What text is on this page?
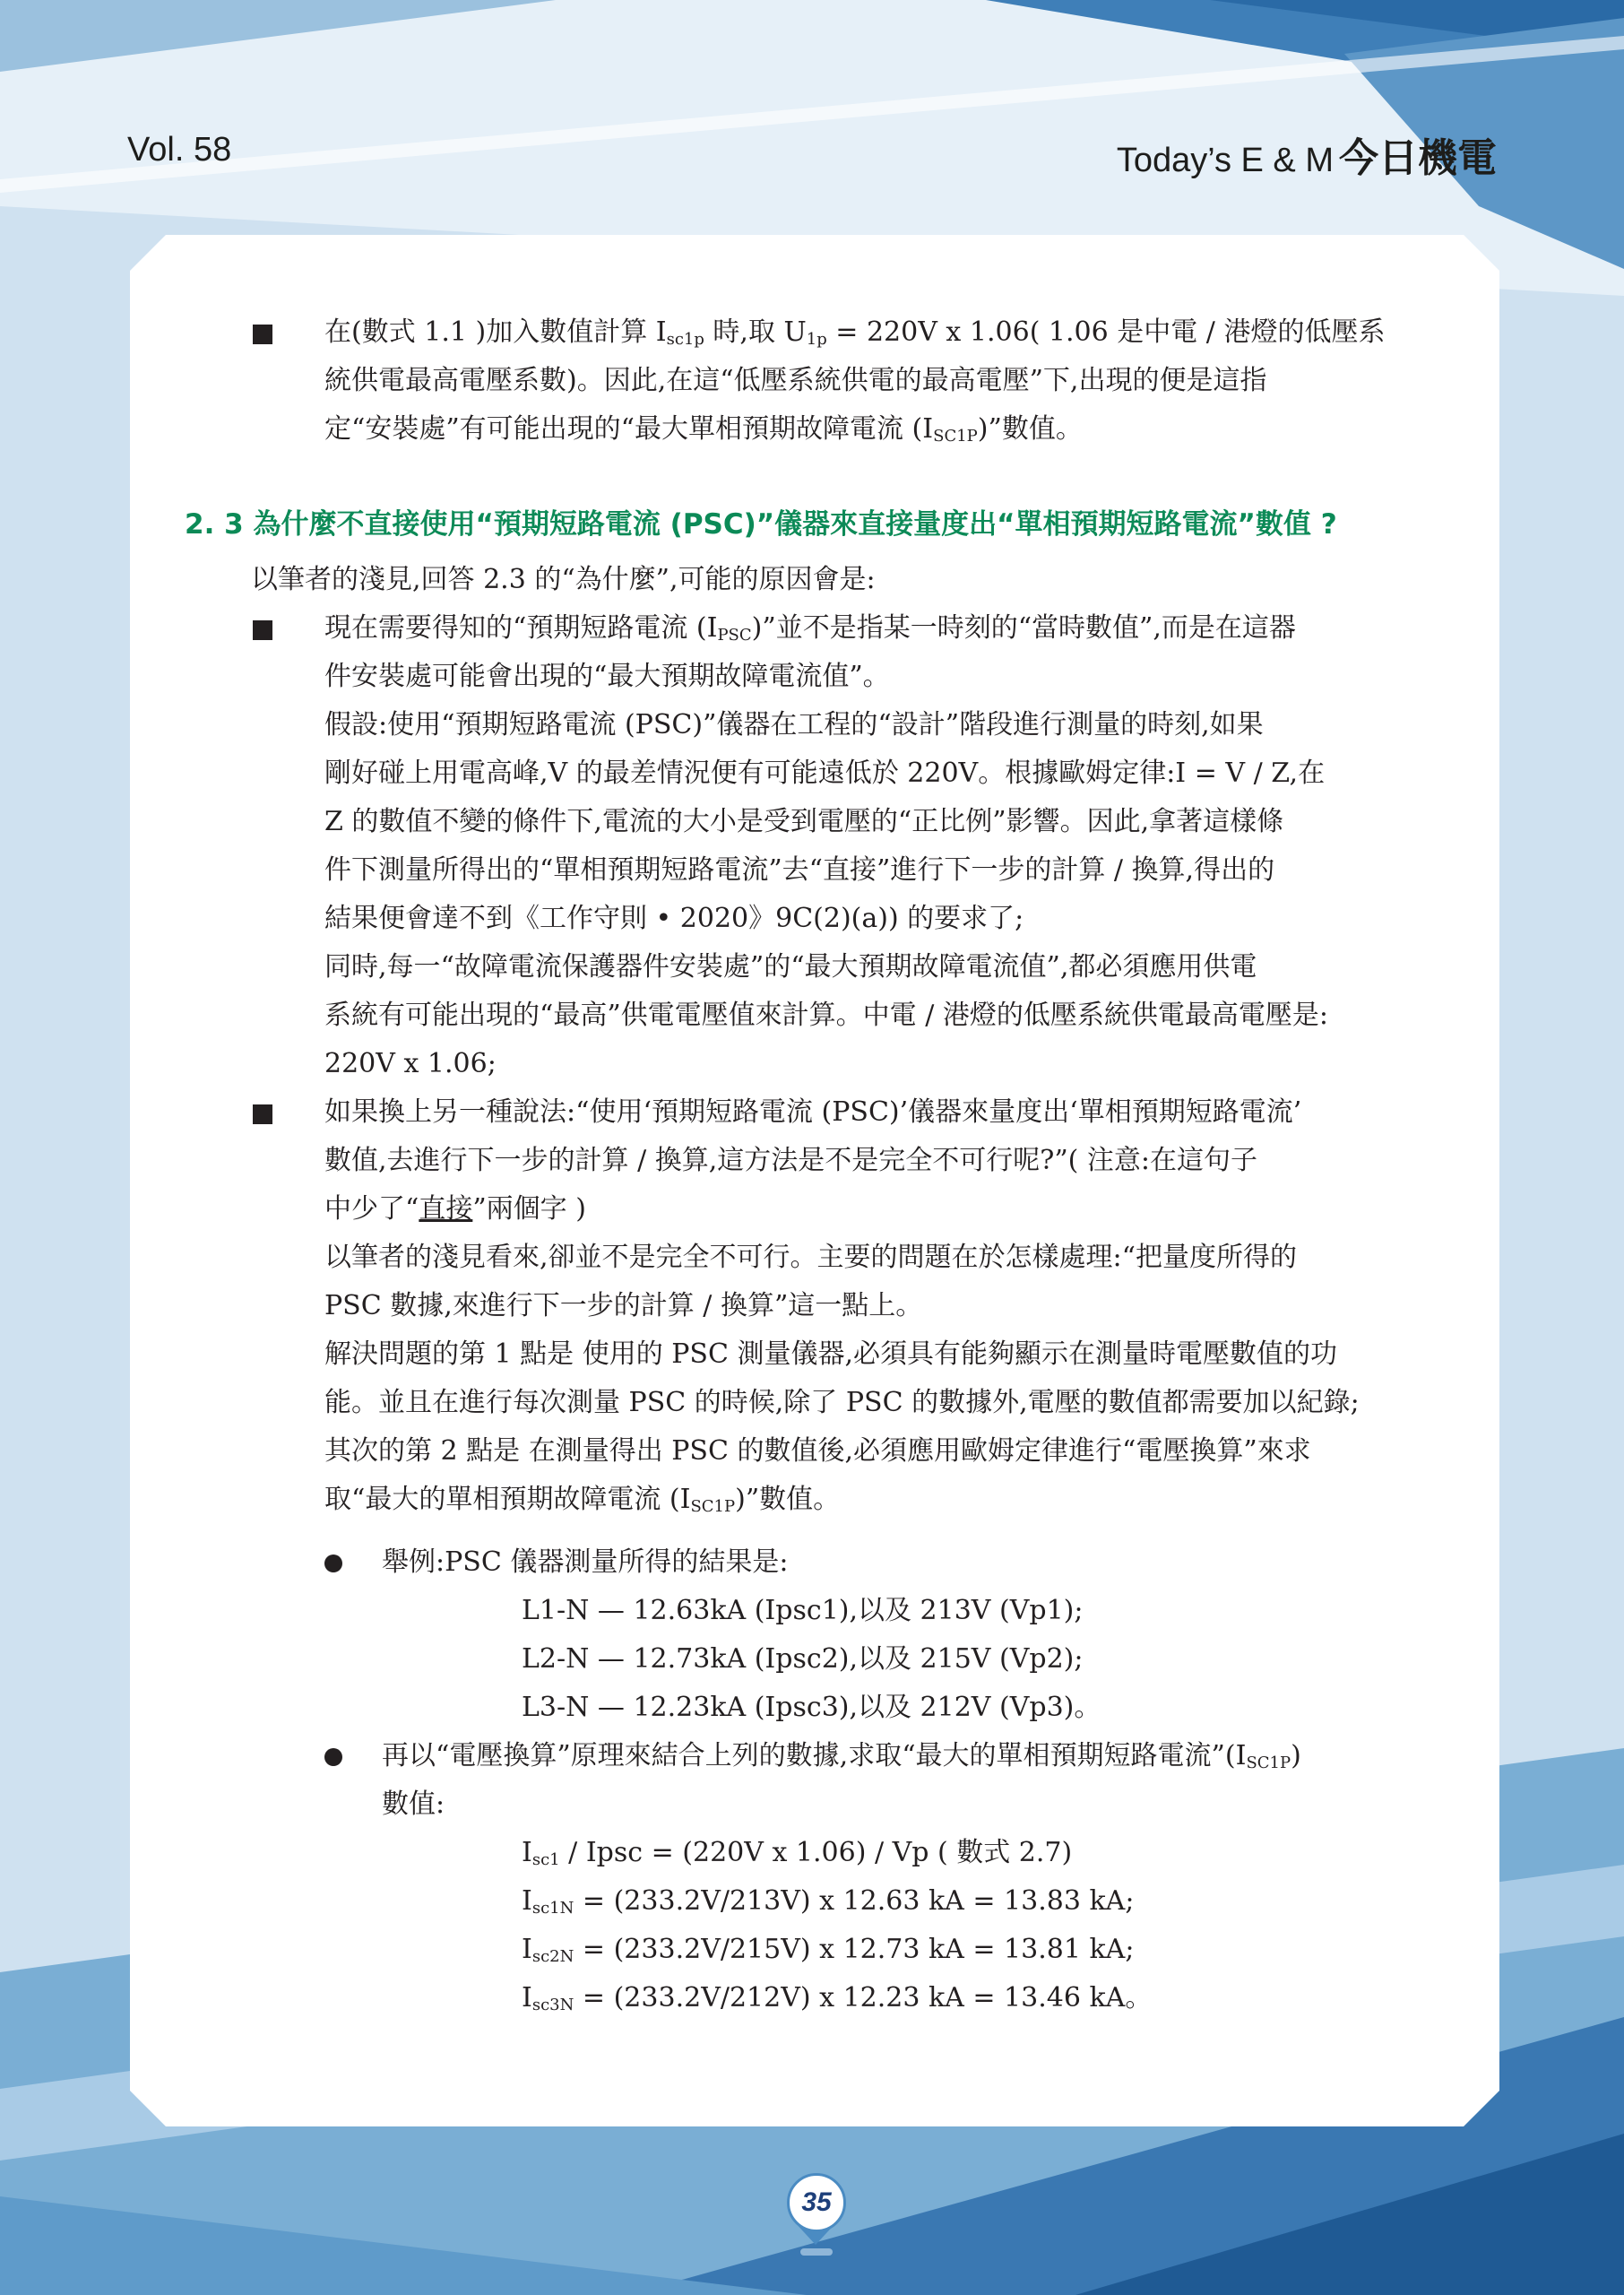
Vol. 58	Today’s E & M 今日機電
在(數式 1.1 )加入數值計算 $I_{sc1p}$ 時,取 $U_{1p} = 220V$ x 1.06( 1.06 是中電 / 港燈的低壓系
統供電最高電壓系數)。因此,在這“低壓系統供電的最高電壓”下,出現的便是這指
定“安裝處”有可能出現的“最大單相預期故障電流 $(I_{SC1P})$”數值。
2. 3 為什麼不直接使用“預期短路電流 (PSC)”儀器來直接量度出“單相預期短路電流”數值 ?
以筆者的淺見,回答 2.3 的“為什麼”,可能的原因會是:
現在需要得知的“預期短路電流 $(I_{PSC})$”並不是指某一時刻的“當時數值”,而是在這器
件安裝處可能會出現的“最大預期故障電流值”。
假設:使用“預期短路電流 (PSC)”儀器在工程的“設計”階段進行測量的時刻,如果
剛好碰上用電高峰,V 的最差情況便有可能遠低於 220V。根據歐姆定律:I = V / Z,在
Z 的數值不變的條件下,電流的大小是受到電壓的“正比例”影響。因此,拿著這樣條
件下測量所得出的“單相預期短路電流”去“直接”進行下一步的計算 / 換算,得出的
結果便會達不到《工作守則 • 2020》9C(2)(a)) 的要求了;
同時,每一“故障電流保護器件安裝處”的“最大預期故障電流值”,都必須應用供電
系統有可能出現的“最高”供電電壓值來計算。中電 / 港燈的低壓系統供電最高電壓是:
220V x 1.06;
如果換上另一種說法:“使用‘預期短路電流 (PSC)’儀器來量度出‘單相預期短路電流’
數值,去進行下一步的計算 / 換算,這方法是不是完全不可行呢?”( 注意:在這句子
中少了“直接”兩個字 )
以筆者的淺見看來,卻並不是完全不可行。主要的問題在於怎樣處理:“把量度所得的
PSC 數據,來進行下一步的計算 / 換算”這一點上。
解決問題的第 1 點是 使用的 PSC 測量儀器,必須具有能夠顯示在測量時電壓數值的功
能。並且在進行每次測量 PSC 的時候,除了 PSC 的數據外,電壓的數值都需要加以紀錄;
其次的第 2 點是 在測量得出 PSC 的數值後,必須應用歐姆定律進行“電壓換算”來求
取“最大的單相預期故障電流 $(I_{SC1P})$”數值。
舉例:PSC 儀器測量所得的結果是:
L1-N — 12.63kA (Ipsc1),以及 213V (Vp1);
L2-N — 12.73kA (Ipsc2),以及 215V (Vp2);
L3-N — 12.23kA (Ipsc3),以及 212V (Vp3)。
再以“電壓換算”原理來結合上列的數據,求取“最大的單相預期短路電流$”(I_{SC1P})$
數值:
$I_{sc1}$ / Ipsc = (220V x 1.06) / Vp ( 數式 2.7)
$I_{sc1N} = (233.2V/213V)$ x 12.63 kA = 13.83 kA;
$I_{sc2N} = (233.2V/215V)$ x 12.73 kA = 13.81 kA;
$I_{sc3N} = (233.2V/212V)$ x 12.23 kA = 13.46 kA。
35
